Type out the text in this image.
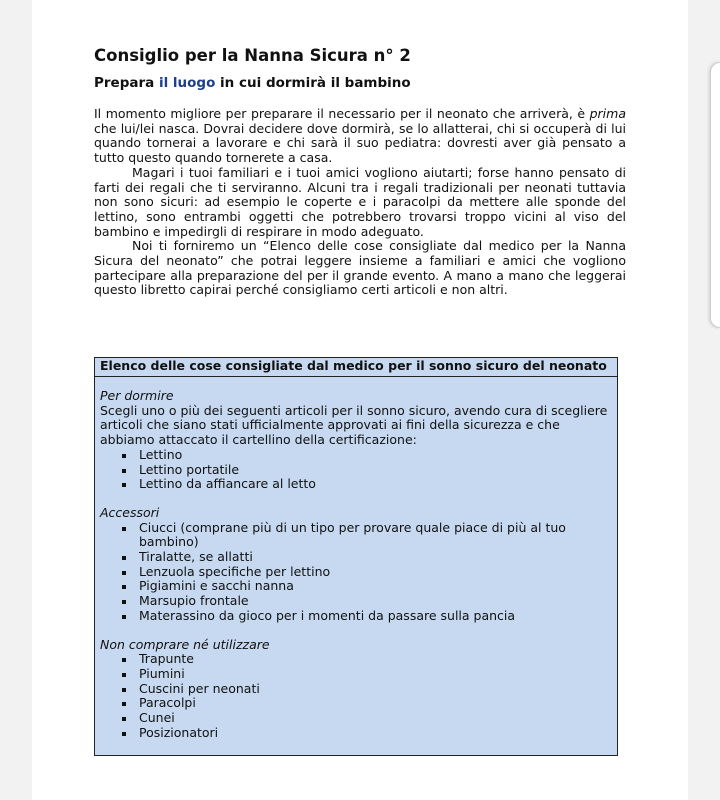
Consiglio per la Nanna Sicura n° 2
Prepara il luogo in cui dormirà il bambino

Il momento migliore per preparare il necessario per il neonato che arriverà, è prima che lui/lei nasca. Dovrai decidere dove dormirà, se lo allatterai, chi si occuperà di lui quando tornerai a lavorare e chi sarà il suo pediatra: dovresti aver già pensato a tutto questo quando tornerete a casa.

Magari i tuoi familiari e i tuoi amici vogliono aiutarti; forse hanno pensato di farti dei regali che ti serviranno. Alcuni tra i regali tradizionali per neonati tuttavia non sono sicuri: ad esempio le coperte e i paracolpi da mettere alle sponde del lettino, sono entrambi oggetti che potrebbero trovarsi troppo vicini al viso del bambino e impedirgli di respirare in modo adeguato.

Noi ti forniremo un “Elenco delle cose consigliate dal medico per la Nanna Sicura del neonato” che potrai leggere insieme a familiari e amici che vogliono partecipare alla preparazione del per il grande evento. A mano a mano che leggerai questo libretto capirai perché consigliamo certi articoli e non altri.

Elenco delle cose consigliate dal medico per il sonno sicuro del neonato

Per dormire

Scegli uno o più dei seguenti articoli per il sonno sicuro, avendo cura di scegliere articoli che siano stati ufficialmente approvati ai fini della sicurezza e che abbiamo attaccato il cartellino della certificazione:

Lettino
Lettino portatile
Lettino da affiancare al letto

Accessori

Ciucci (comprane più di un tipo per provare quale piace di più al tuo bambino)
Tiralatte, se allatti
Lenzuola specifiche per lettino
Pigiamini e sacchi nanna
Marsupio frontale
Materassino da gioco per i momenti da passare sulla pancia

Non comprare né utilizzare

Trapunte
Piumini
Cuscini per neonati
Paracolpi
Cunei
Posizionatori
